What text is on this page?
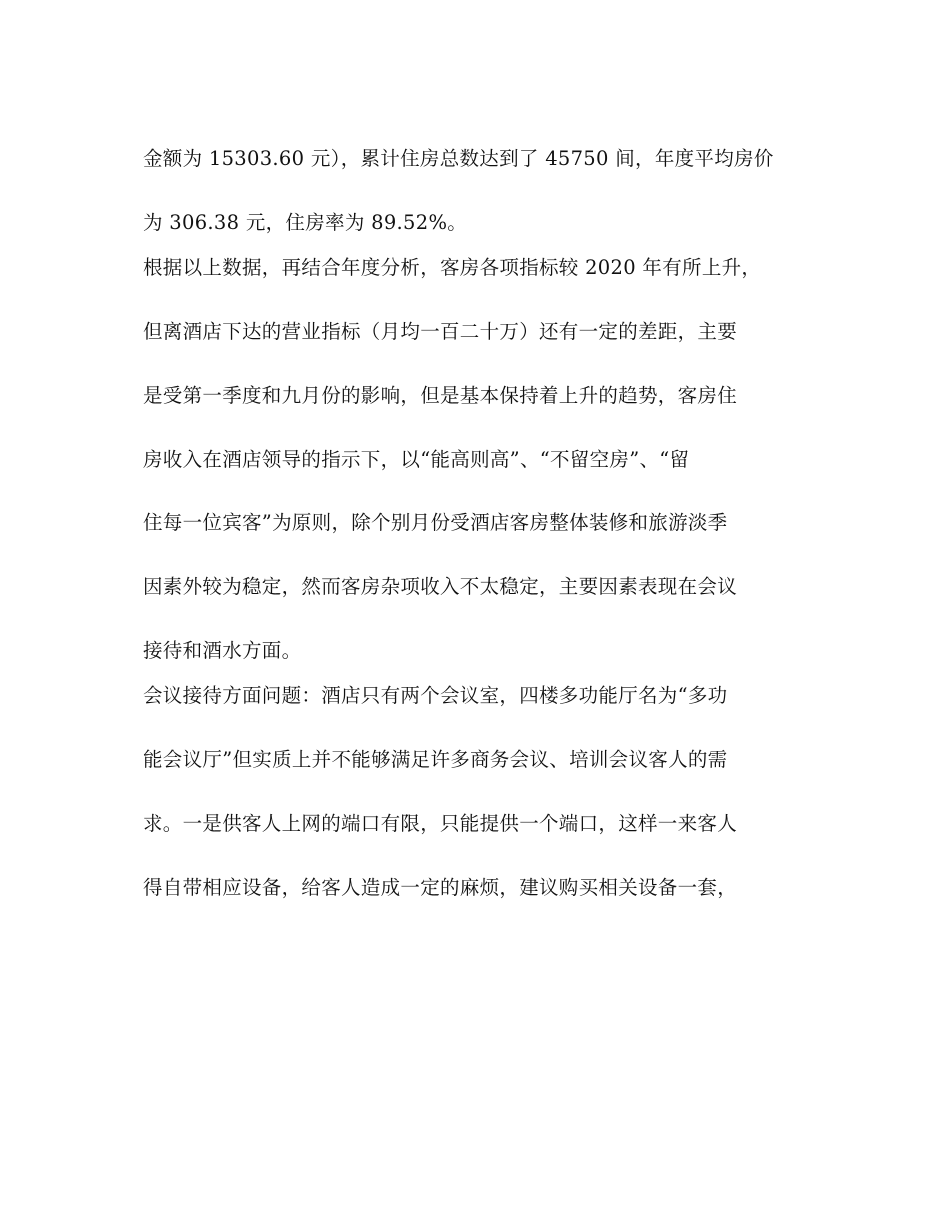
金额为 15303.60 元），累计住房总数达到了 45750 间，年度平均房价
为 306.38 元，住房率为 89.52%。
根据以上数据，再结合年度分析，客房各项指标较 2020 年有所上升，
但离酒店下达的营业指标（月均一百二十万）还有一定的差距，主要
是受第一季度和九月份的影响，但是基本保持着上升的趋势，客房住
房收入在酒店领导的指示下，以“能高则高”、“不留空房”、“留
住每一位宾客”为原则，除个别月份受酒店客房整体装修和旅游淡季
因素外较为稳定，然而客房杂项收入不太稳定，主要因素表现在会议
接待和酒水方面。
会议接待方面问题：酒店只有两个会议室，四楼多功能厅名为“多功
能会议厅”但实质上并不能够满足许多商务会议、培训会议客人的需
求。一是供客人上网的端口有限，只能提供一个端口，这样一来客人
得自带相应设备，给客人造成一定的麻烦，建议购买相关设备一套，
